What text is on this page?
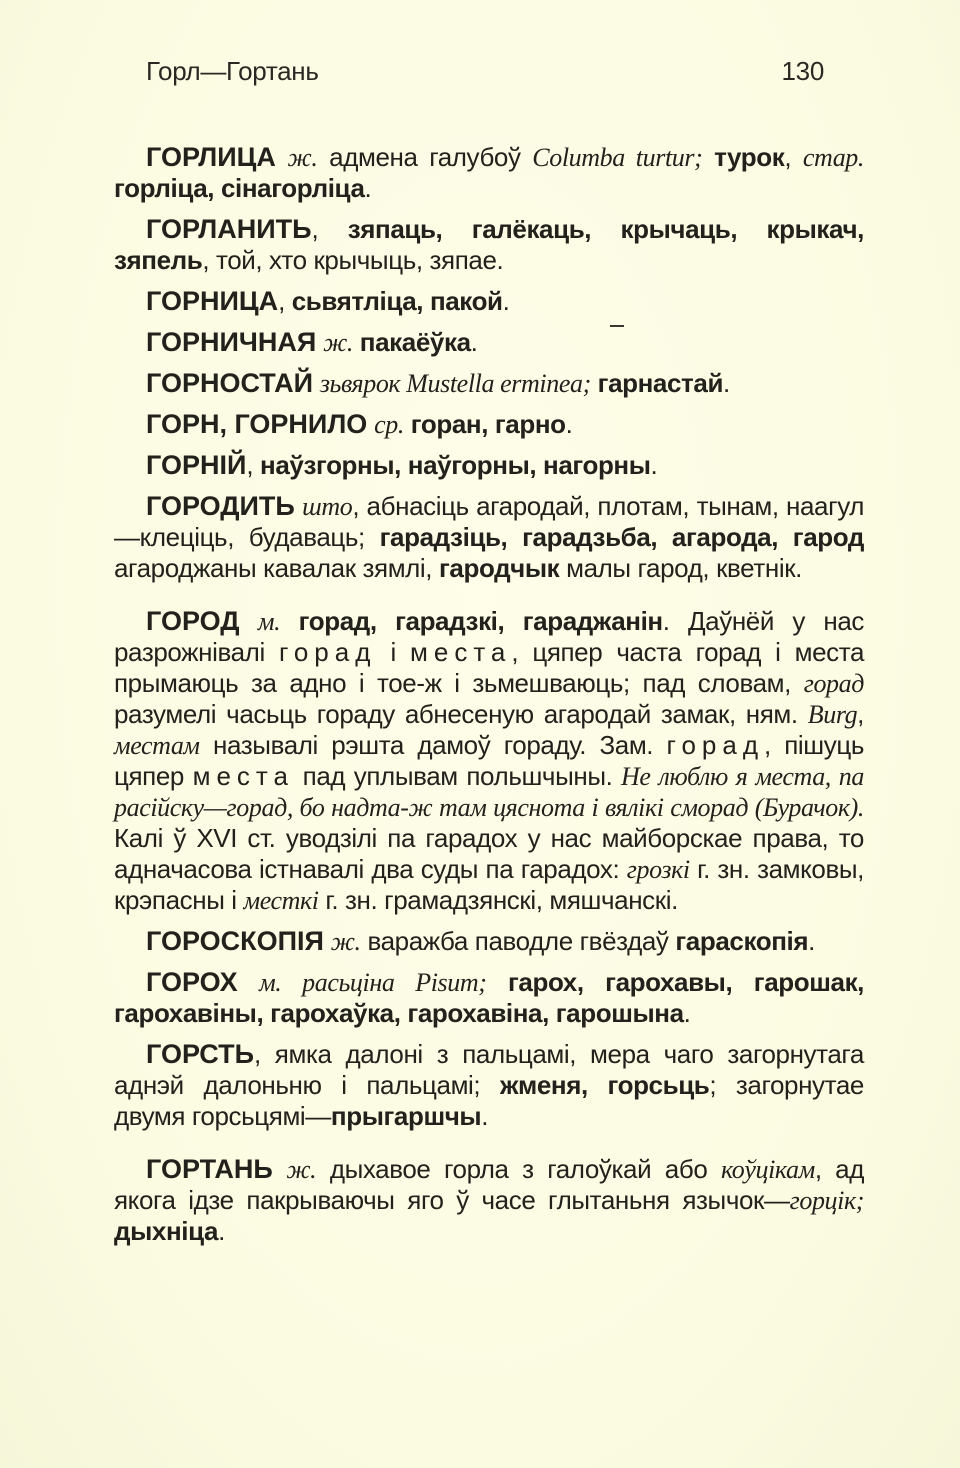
Горл—Гортань	130

ГОРЛИЦА ж. адмена галубоў Columba turtur; турок, стар. горліца, сінагорліца.

ГОРЛАНИТЬ, зяпаць, галёкаць, крычаць, крыкач, зяпель, той, хто крычыць, зяпае.

ГОРНИЦА, сьвятліца, пакой.

ГОРНИЧНАЯ ж. пакаёўка.

ГОРНОСТАЙ зьвярок Mustella erminea; гарнастай.

ГОРН, ГОРНИЛО ср. горан, гарно.

ГОРНІЙ, наўзгорны, наўгорны, нагорны.

ГОРОДИТЬ што, абнасіць агародай, плотам, тынам, наагул—клеціць, будаваць; гарадзіць, гарадзьба, агарода, гарод агароджаны кавалак зямлі, гародчык малы гарод, кветнік.

ГОРОД м. горад, гарадзкі, гараджанін. Даўнёй у нас разрожнівалі горад і места, цяпер часта горад і места прымаюць за адно і тое-ж і зьмешваюць; пад словам, горад разумелі часьць гораду абнесеную агародай замак, ням. Burg, местам называлі рэшта дамоў гораду. Зам. горад, пішуць цяпер места пад уплывам польшчыны. Не люблю я места, па расійску—горад, бо надта-ж там цяснота і вялікі сморад (Бурачок). Калі ў XVI ст. уводзілі па гарадох у нас майборскае права, то адначасова істнавалі два суды па гарадох: грозкі г. зн. замковы, крэпасны і месткі г. зн. грамадзянскі, мяшчанскі.

ГОРОСКОПІЯ ж. варажба паводле гвёздаў гараскопія.

ГОРОХ м. расьціна Pisum; гарох, гарохавы, гарошак, гарохавіны, гарохаўка, гарохавіна, гарошына.

ГОРСТЬ, ямка далоні з пальцамі, мера чаго загорнутага аднэй далоньню і пальцамі; жменя, горсьць; загорнутае двумя горсьцямі—прыгаршчы.

ГОРТАНЬ ж. дыхавое горла з галоўкай або коўцікам, ад якога ідзе пакрываючы яго ў часе глытаньня язычок—горцік; дыхніца.
